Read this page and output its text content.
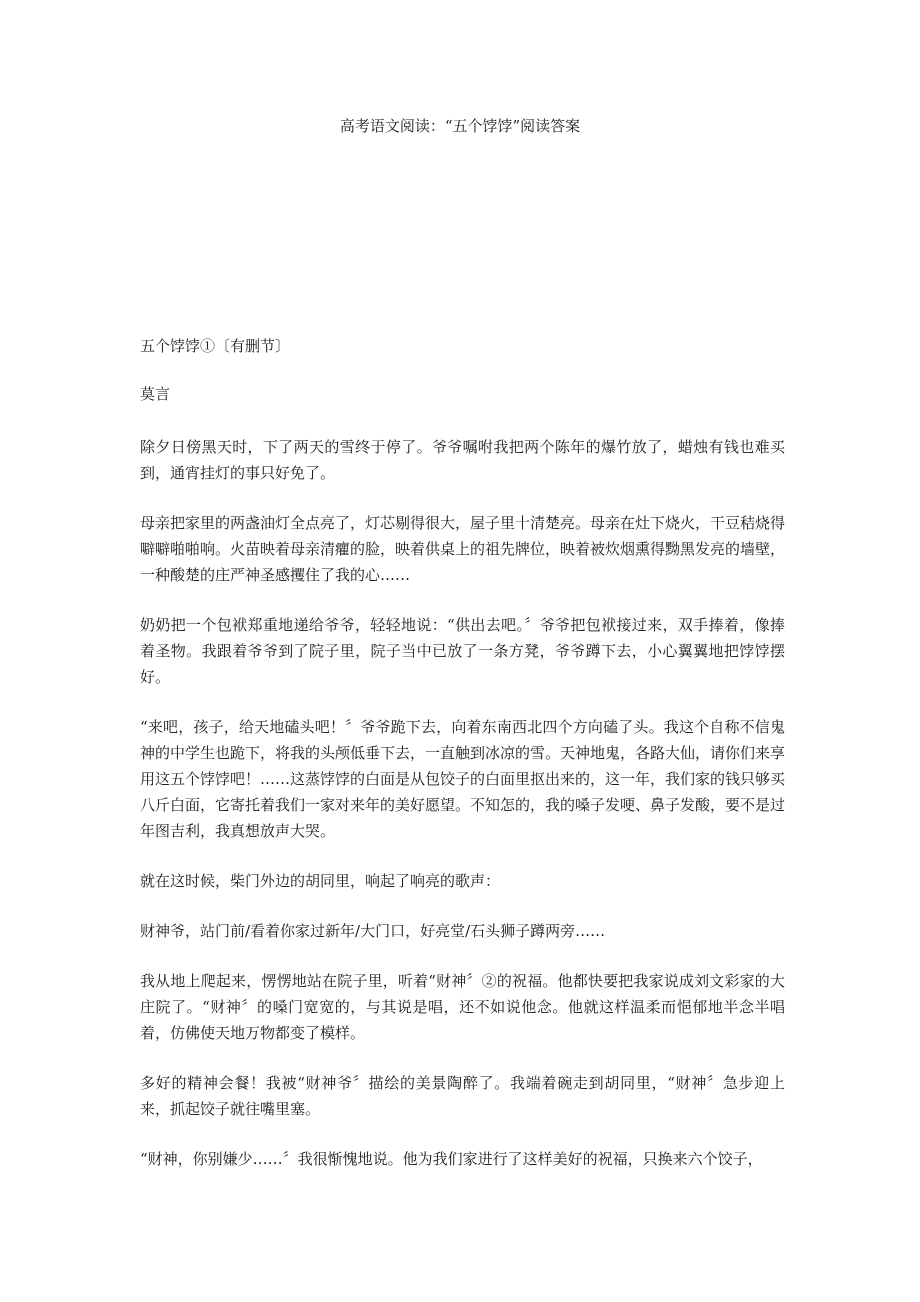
高考语文阅读：“五个饽饽”阅读答案

五个饽饽①〔有删节〕

莫言

除夕日傍黑天时，下了两天的雪终于停了。爷爷嘱咐我把两个陈年的爆竹放了，蜡烛有钱也难买到，通宵挂灯的事只好免了。

母亲把家里的两盏油灯全点亮了，灯芯剔得很大，屋子里十清楚亮。母亲在灶下烧火，干豆秸烧得噼噼啪啪响。火苗映着母亲清癯的脸，映着供桌上的祖先牌位，映着被炊烟熏得黝黑发亮的墙壁，一种酸楚的庄严神圣感攫住了我的心……

奶奶把一个包袱郑重地递给爷爷，轻轻地说：“供出去吧。〞爷爷把包袱接过来，双手捧着，像捧着圣物。我跟着爷爷到了院子里，院子当中已放了一条方凳，爷爷蹲下去，小心翼翼地把饽饽摆好。

“来吧，孩子，给天地磕头吧！〞爷爷跪下去，向着东南西北四个方向磕了头。我这个自称不信鬼神的中学生也跪下，将我的头颅低垂下去，一直触到冰凉的雪。天神地鬼，各路大仙，请你们来享用这五个饽饽吧！……这蒸饽饽的白面是从包饺子的白面里抠出来的，这一年，我们家的钱只够买八斤白面，它寄托着我们一家对来年的美好愿望。不知怎的，我的嗓子发哽、鼻子发酸，要不是过年图吉利，我真想放声大哭。

就在这时候，柴门外边的胡同里，响起了响亮的歌声：

财神爷，站门前/看着你家过新年/大门口，好亮堂/石头狮子蹲两旁……

我从地上爬起来，愣愣地站在院子里，听着“财神〞②的祝福。他都快要把我家说成刘文彩家的大庄院了。“财神〞的嗓门宽宽的，与其说是唱，还不如说他念。他就这样温柔而悒郁地半念半唱着，仿佛使天地万物都变了模样。

多好的精神会餐！我被“财神爷〞描绘的美景陶醉了。我端着碗走到胡同里，“财神〞急步迎上来，抓起饺子就往嘴里塞。

“财神，你别嫌少……〞我很惭愧地说。他为我们家进行了这样美好的祝福，只换来六个饺子，
